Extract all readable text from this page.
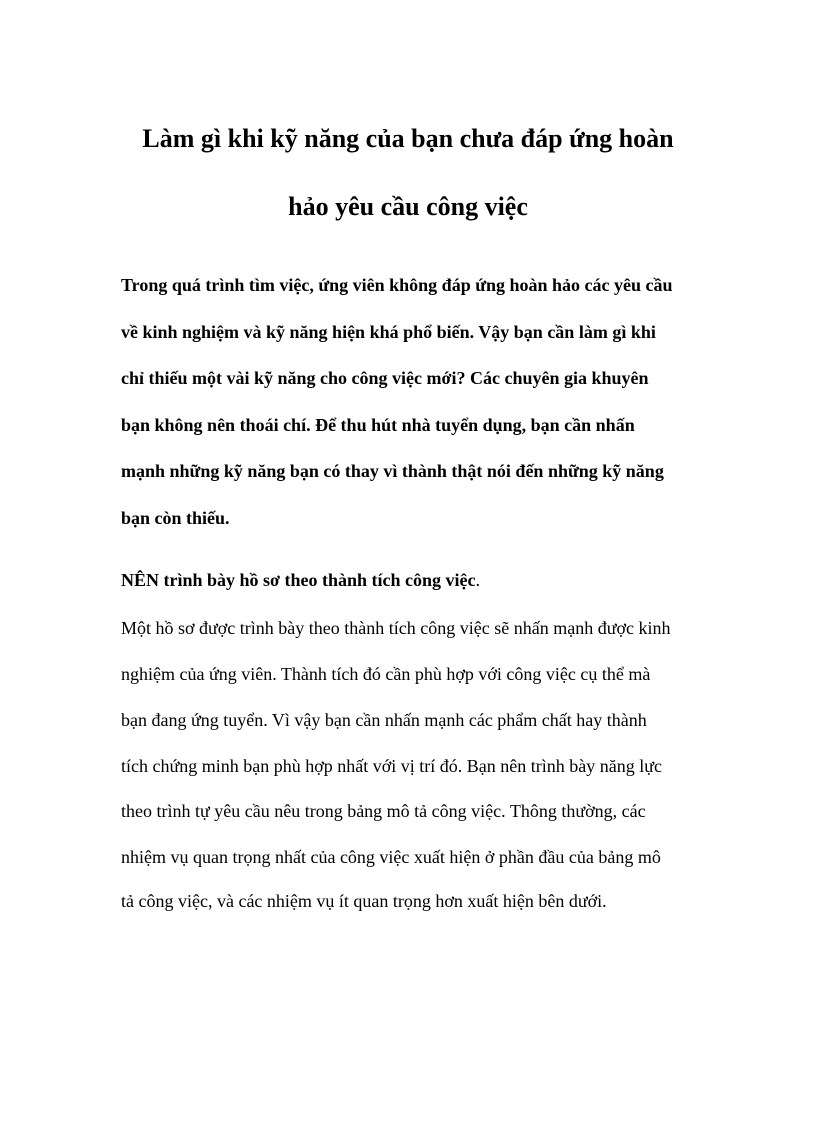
Làm gì khi kỹ năng của bạn chưa đáp ứng hoàn
hảo yêu cầu công việc
Trong quá trình tìm việc, ứng viên không đáp ứng hoàn hảo các yêu cầu
về kinh nghiệm và kỹ năng hiện khá phổ biến. Vậy bạn cần làm gì khi
chỉ thiếu một vài kỹ năng cho công việc mới? Các chuyên gia khuyên
bạn không nên thoái chí. Để thu hút nhà tuyển dụng, bạn cần nhấn
mạnh những kỹ năng bạn có thay vì thành thật nói đến những kỹ năng
bạn còn thiếu.
NÊN trình bày hồ sơ theo thành tích công việc.
Một hồ sơ được trình bày theo thành tích công việc sẽ nhấn mạnh được kinh
nghiệm của ứng viên. Thành tích đó cần phù hợp với công việc cụ thể mà
bạn đang ứng tuyển. Vì vậy bạn cần nhấn mạnh các phẩm chất hay thành
tích chứng minh bạn phù hợp nhất với vị trí đó. Bạn nên trình bày năng lực
theo trình tự yêu cầu nêu trong bảng mô tả công việc. Thông thường, các
nhiệm vụ quan trọng nhất của công việc xuất hiện ở phần đầu của bảng mô
tả công việc, và các nhiệm vụ ít quan trọng hơn xuất hiện bên dưới.
